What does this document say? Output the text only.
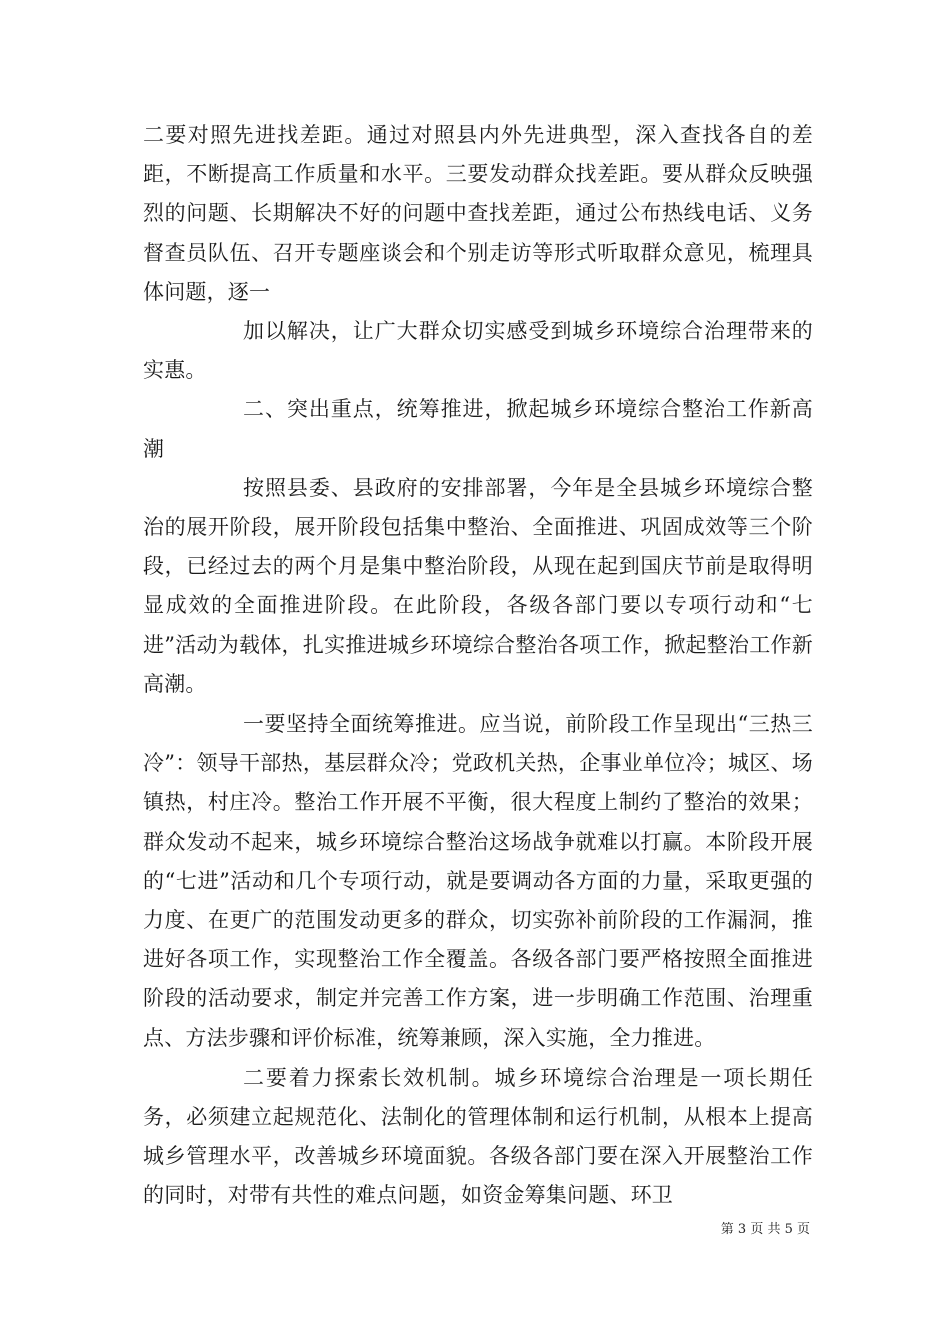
二要对照先进找差距。通过对照县内外先进典型，深入查找各自的差距，不断提高工作质量和水平。三要发动群众找差距。要从群众反映强烈的问题、长期解决不好的问题中查找差距，通过公布热线电话、义务督查员队伍、召开专题座谈会和个别走访等形式听取群众意见，梳理具体问题，逐一

加以解决，让广大群众切实感受到城乡环境综合治理带来的实惠。

二、突出重点，统筹推进，掀起城乡环境综合整治工作新高潮

按照县委、县政府的安排部署，今年是全县城乡环境综合整治的展开阶段，展开阶段包括集中整治、全面推进、巩固成效等三个阶段，已经过去的两个月是集中整治阶段，从现在起到国庆节前是取得明显成效的全面推进阶段。在此阶段，各级各部门要以专项行动和“七进”活动为载体，扎实推进城乡环境综合整治各项工作，掀起整治工作新高潮。

一要坚持全面统筹推进。应当说，前阶段工作呈现出“三热三冷”：领导干部热，基层群众冷；党政机关热，企事业单位冷；城区、场镇热，村庄冷。整治工作开展不平衡，很大程度上制约了整治的效果；群众发动不起来，城乡环境综合整治这场战争就难以打赢。本阶段开展的“七进”活动和几个专项行动，就是要调动各方面的力量，采取更强的力度、在更广的范围发动更多的群众，切实弥补前阶段的工作漏洞，推进好各项工作，实现整治工作全覆盖。各级各部门要严格按照全面推进阶段的活动要求，制定并完善工作方案，进一步明确工作范围、治理重点、方法步骤和评价标准，统筹兼顾，深入实施，全力推进。

二要着力探索长效机制。城乡环境综合治理是一项长期任务，必须建立起规范化、法制化的管理体制和运行机制，从根本上提高城乡管理水平，改善城乡环境面貌。各级各部门要在深入开展整治工作的同时，对带有共性的难点问题，如资金筹集问题、环卫

第 3 页 共 5 页
